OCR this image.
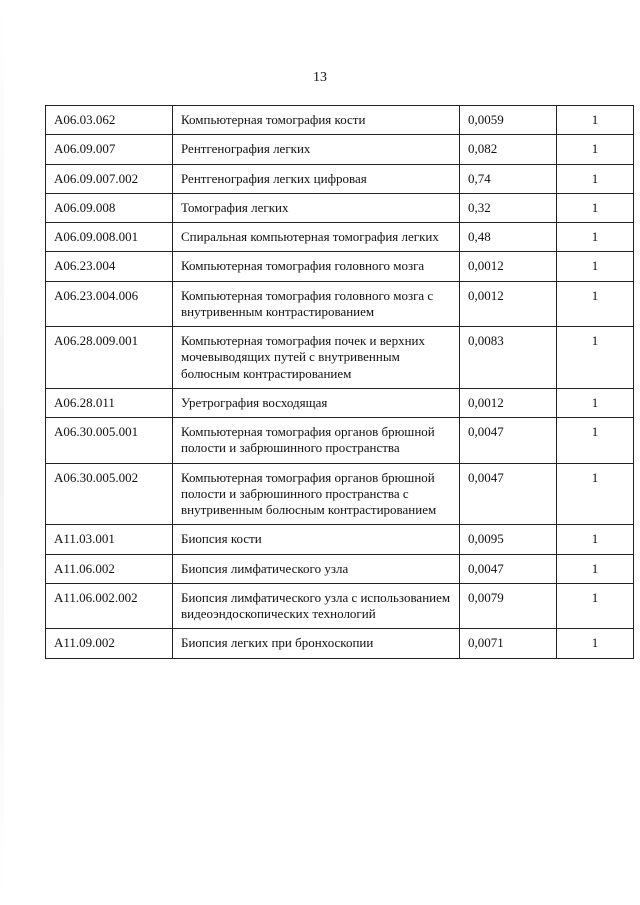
13
A06.03.062	Компьютерная томография кости	0,0059	1
A06.09.007	Рентгенография легких	0,082	1
A06.09.007.002	Рентгенография легких цифровая	0,74	1
A06.09.008	Томография легких	0,32	1
A06.09.008.001	Спиральная компьютерная томография легких	0,48	1
A06.23.004	Компьютерная томография головного мозга	0,0012	1
A06.23.004.006	Компьютерная томография головного мозга с внутривенным контрастированием	0,0012	1
A06.28.009.001	Компьютерная томография почек и верхних мочевыводящих путей с внутривенным болюсным контрастированием	0,0083	1
A06.28.011	Уретрография восходящая	0,0012	1
A06.30.005.001	Компьютерная томография органов брюшной полости и забрюшинного пространства	0,0047	1
A06.30.005.002	Компьютерная томография органов брюшной полости и забрюшинного пространства с внутривенным болюсным контрастированием	0,0047	1
A11.03.001	Биопсия кости	0,0095	1
A11.06.002	Биопсия лимфатического узла	0,0047	1
A11.06.002.002	Биопсия лимфатического узла с использованием видеоэндоскопических технологий	0,0079	1
A11.09.002	Биопсия легких при бронхоскопии	0,0071	1
